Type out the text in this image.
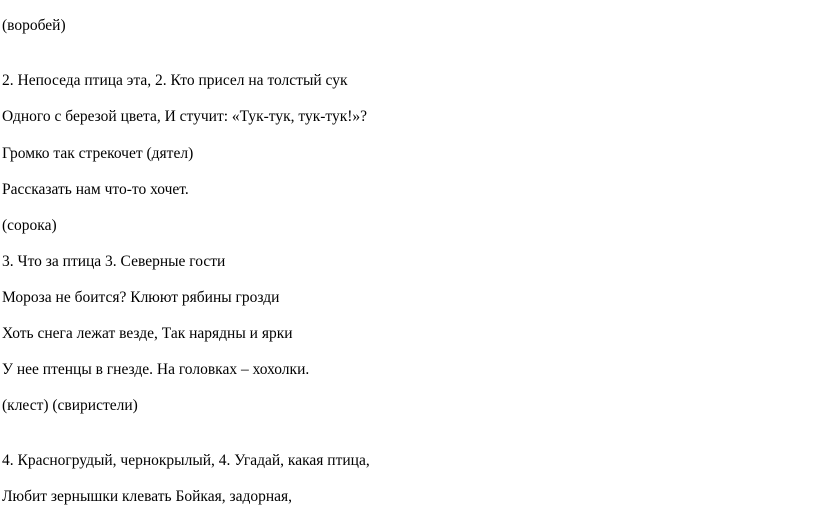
(воробей)
2. Непоседа птица эта, 2. Кто присел на толстый сук
Одного с березой цвета, И стучит: «Тук-тук, тук-тук!»?
Громко так стрекочет (дятел)
Рассказать нам что-то хочет.
(сорока)
3. Что за птица 3. Северные гости
Мороза не боится? Клюют рябины грозди
Хоть снега лежат везде, Так нарядны и ярки
У нее птенцы в гнезде. На головках – хохолки.
(клест) (свиристели)
4. Красногрудый, чернокрылый, 4. Угадай, какая птица,
Любит зернышки клевать Бойкая, задорная,
